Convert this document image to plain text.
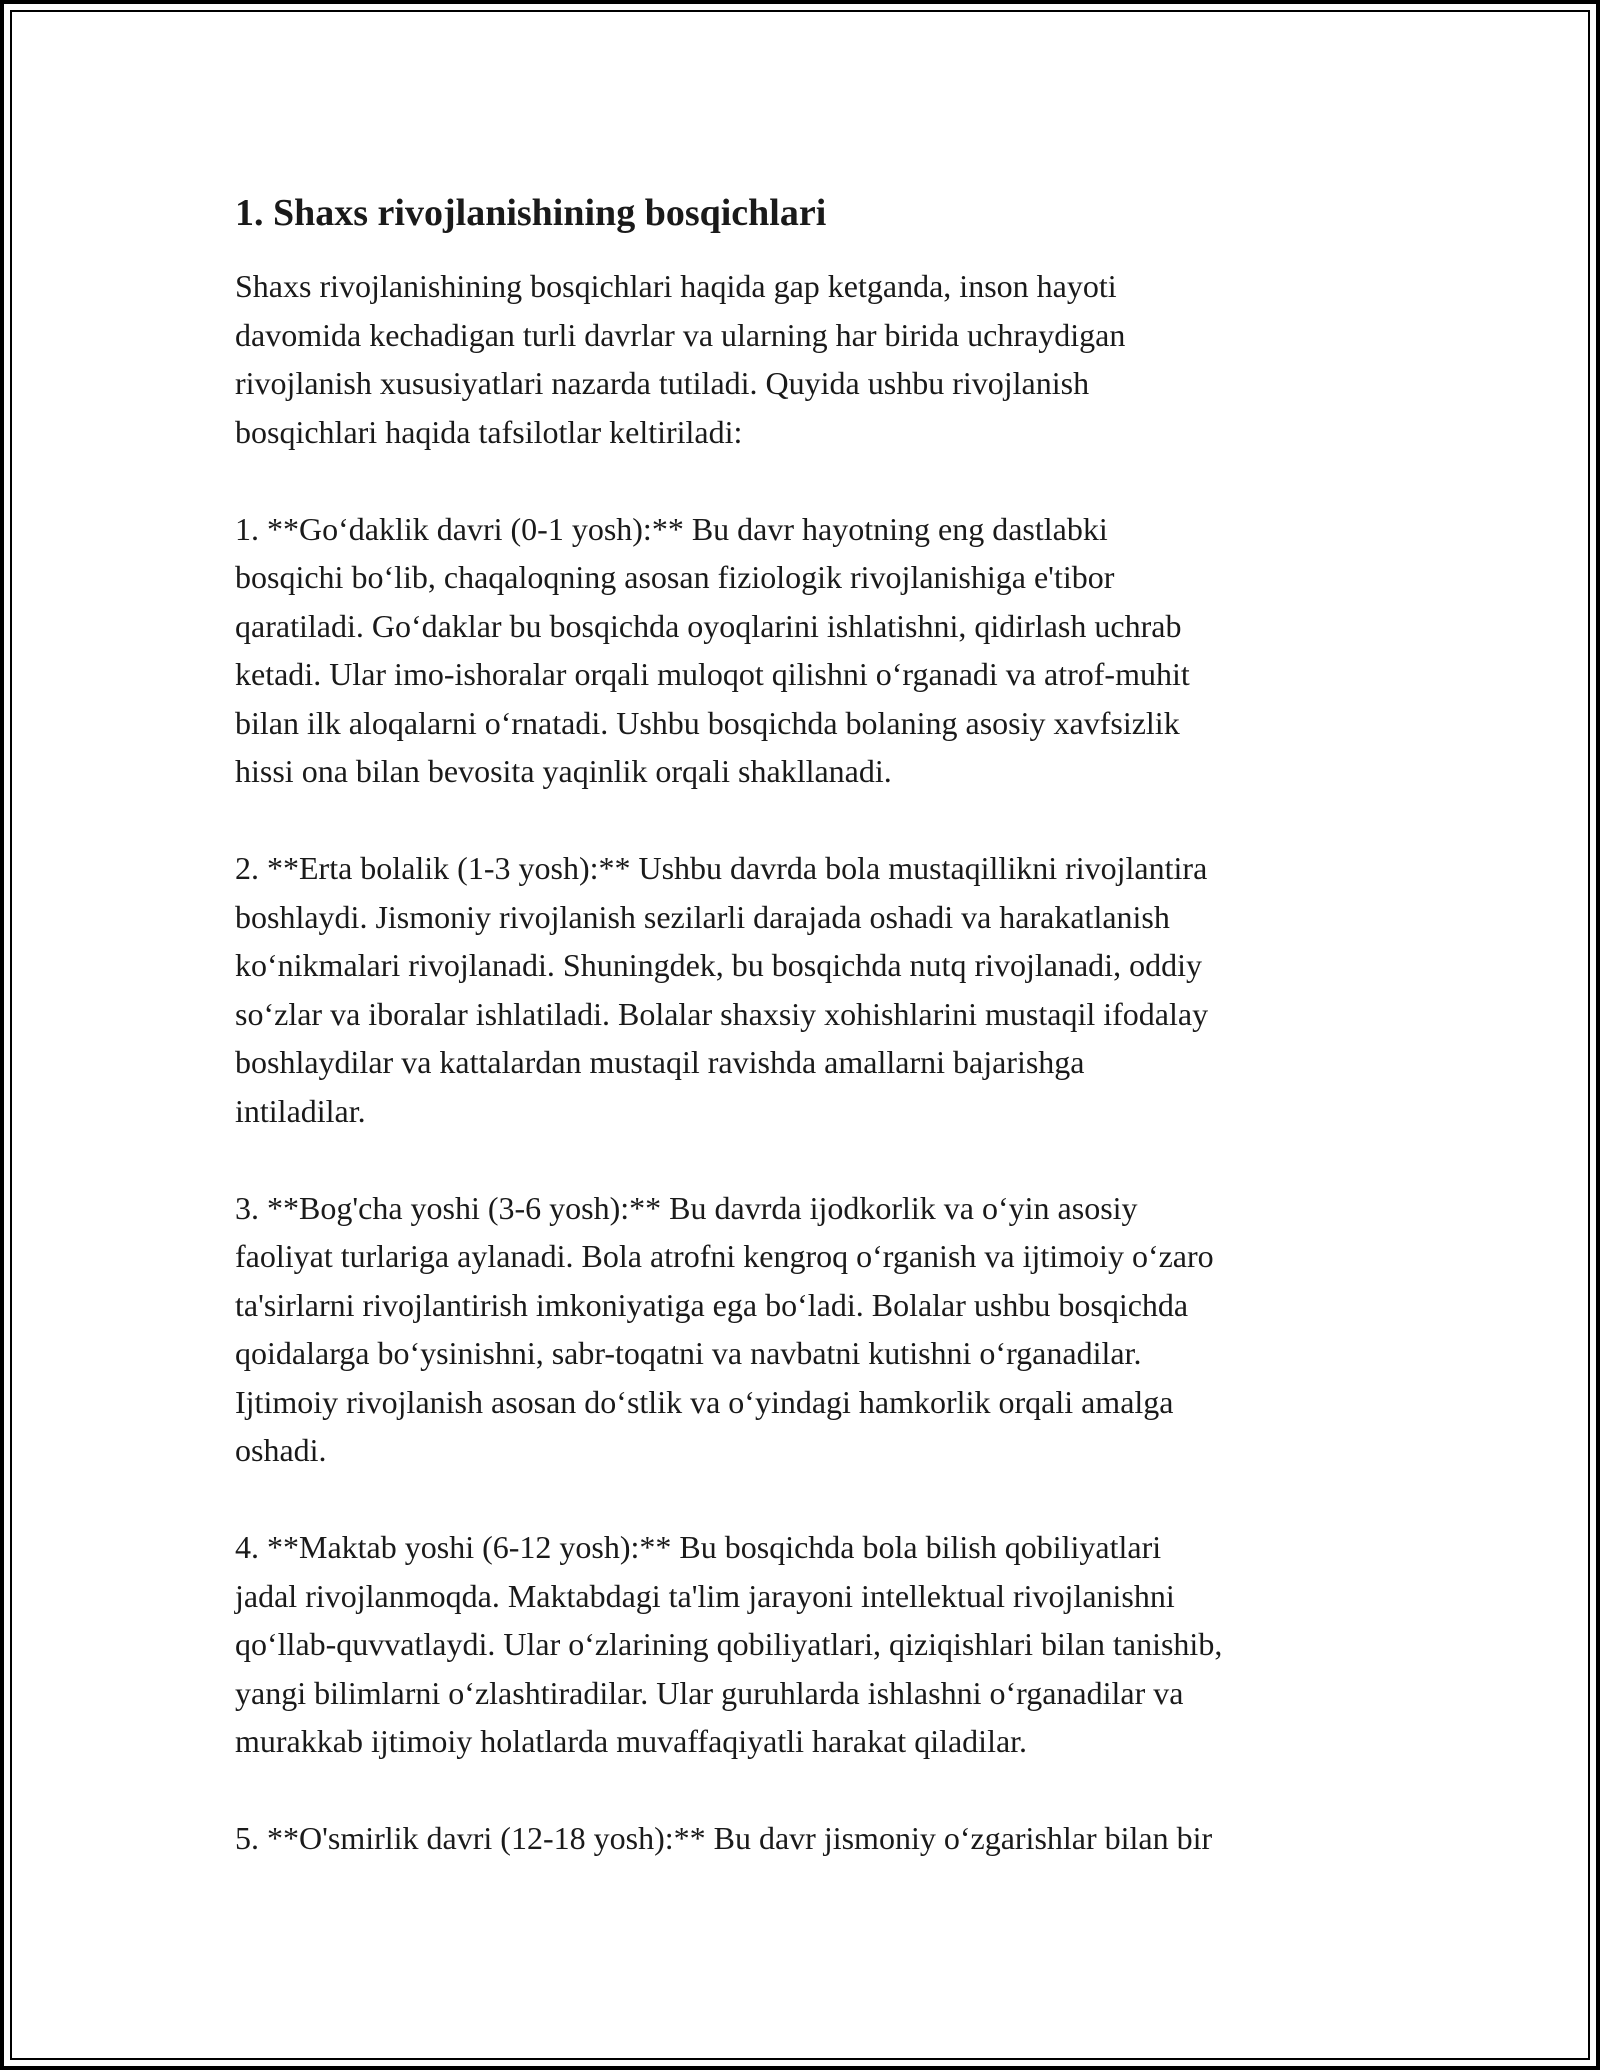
1. Shaxs rivojlanishining bosqichlari

Shaxs rivojlanishining bosqichlari haqida gap ketganda, inson hayoti
davomida kechadigan turli davrlar va ularning har birida uchraydigan
rivojlanish xususiyatlari nazarda tutiladi. Quyida ushbu rivojlanish
bosqichlari haqida tafsilotlar keltiriladi:

1. **Go‘daklik davri (0-1 yosh):** Bu davr hayotning eng dastlabki
bosqichi bo‘lib, chaqaloqning asosan fiziologik rivojlanishiga e'tibor
qaratiladi. Go‘daklar bu bosqichda oyoqlarini ishlatishni, qidirlash uchrab
ketadi. Ular imo-ishoralar orqali muloqot qilishni o‘rganadi va atrof-muhit
bilan ilk aloqalarni o‘rnatadi. Ushbu bosqichda bolaning asosiy xavfsizlik
hissi ona bilan bevosita yaqinlik orqali shakllanadi.

2. **Erta bolalik (1-3 yosh):** Ushbu davrda bola mustaqillikni rivojlantira
boshlaydi. Jismoniy rivojlanish sezilarli darajada oshadi va harakatlanish
ko‘nikmalari rivojlanadi. Shuningdek, bu bosqichda nutq rivojlanadi, oddiy
so‘zlar va iboralar ishlatiladi. Bolalar shaxsiy xohishlarini mustaqil ifodalay
boshlaydilar va kattalardan mustaqil ravishda amallarni bajarishga
intiladilar.

3. **Bog'cha yoshi (3-6 yosh):** Bu davrda ijodkorlik va o‘yin asosiy
faoliyat turlariga aylanadi. Bola atrofni kengroq o‘rganish va ijtimoiy o‘zaro
ta'sirlarni rivojlantirish imkoniyatiga ega bo‘ladi. Bolalar ushbu bosqichda
qoidalarga bo‘ysinishni, sabr-toqatni va navbatni kutishni o‘rganadilar.
Ijtimoiy rivojlanish asosan do‘stlik va o‘yindagi hamkorlik orqali amalga
oshadi.

4. **Maktab yoshi (6-12 yosh):** Bu bosqichda bola bilish qobiliyatlari
jadal rivojlanmoqda. Maktabdagi ta'lim jarayoni intellektual rivojlanishni
qo‘llab-quvvatlaydi. Ular o‘zlarining qobiliyatlari, qiziqishlari bilan tanishib,
yangi bilimlarni o‘zlashtiradilar. Ular guruhlarda ishlashni o‘rganadilar va
murakkab ijtimoiy holatlarda muvaffaqiyatli harakat qiladilar.

5. **O'smirlik davri (12-18 yosh):** Bu davr jismoniy o‘zgarishlar bilan bir
